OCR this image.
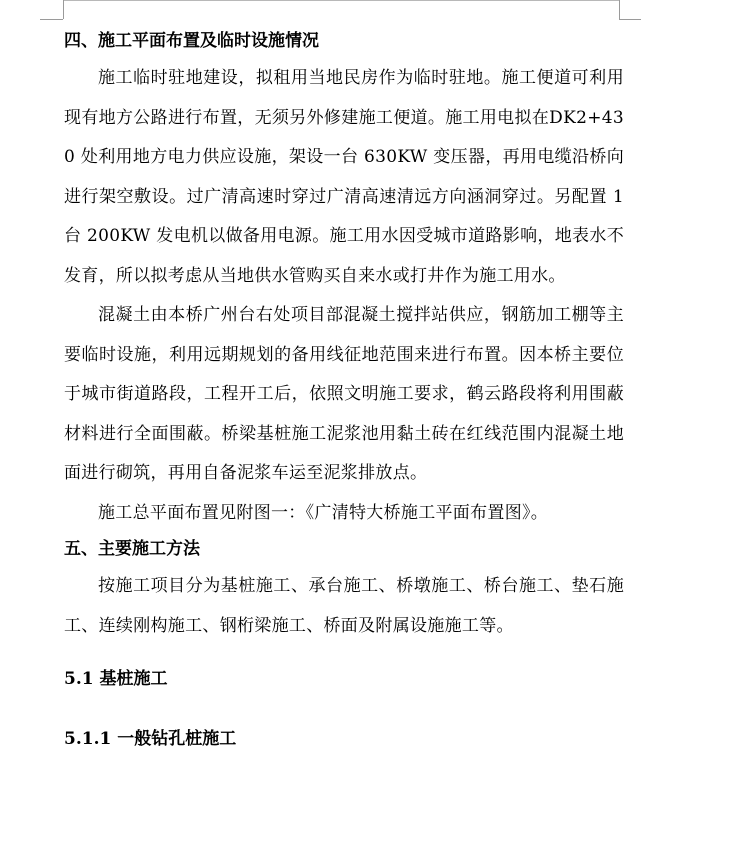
四、施工平面布置及临时设施情况

施工临时驻地建设，拟租用当地民房作为临时驻地。施工便道可利用现有地方公路进行布置，无须另外修建施工便道。施工用电拟在DK2+430 处利用地方电力供应设施，架设一台 630KW 变压器，再用电缆沿桥向进行架空敷设。过广清高速时穿过广清高速清远方向涵洞穿过。另配置 1 台 200KW 发电机以做备用电源。施工用水因受城市道路影响，地表水不发育，所以拟考虑从当地供水管购买自来水或打井作为施工用水。

混凝土由本桥广州台右处项目部混凝土搅拌站供应，钢筋加工棚等主要临时设施，利用远期规划的备用线征地范围来进行布置。因本桥主要位于城市街道路段，工程开工后，依照文明施工要求，鹤云路段将利用围蔽材料进行全面围蔽。桥梁基桩施工泥浆池用黏土砖在红线范围内混凝土地面进行砌筑，再用自备泥浆车运至泥浆排放点。

施工总平面布置见附图一：《广清特大桥施工平面布置图》。

五、主要施工方法

按施工项目分为基桩施工、承台施工、桥墩施工、桥台施工、垫石施工、连续刚构施工、钢桁梁施工、桥面及附属设施施工等。

5.1 基桩施工
5.1.1 一般钻孔桩施工
